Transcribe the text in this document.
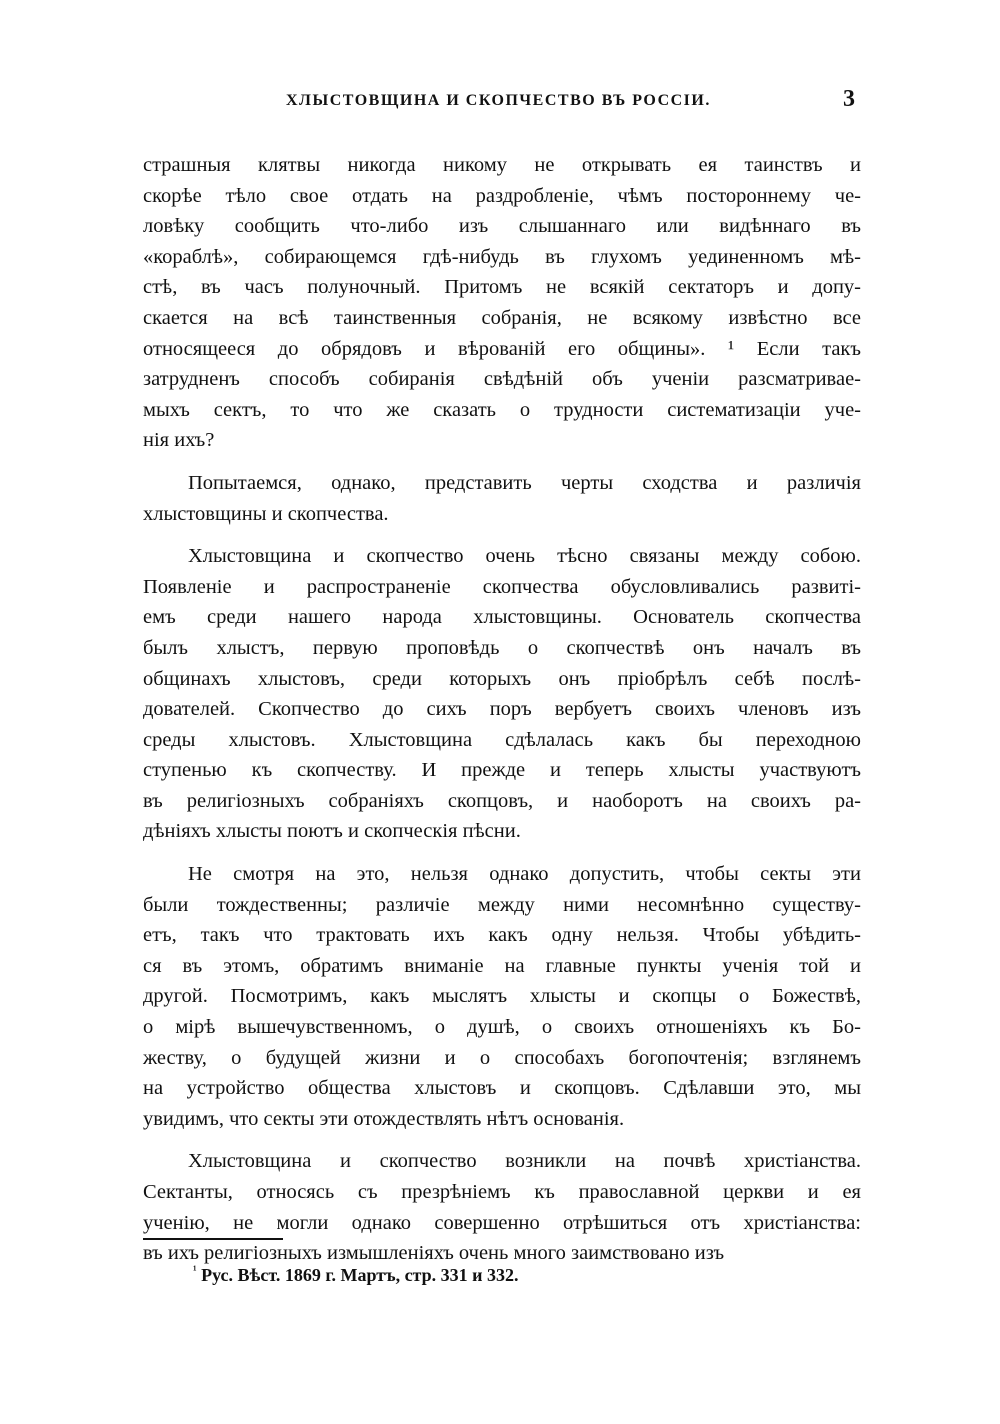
ХЛЫСТОВЩИНА И СКОПЧЕСТВО ВЪ РОССІИ.	3
страшныя клятвы никогда никому не открывать ея таинствъ и
скорѣе тѣло свое отдать на раздробленіе, чѣмъ постороннему че-
ловѣку сообщить что-либо изъ слышаннаго или видѣннаго въ
«кораблѣ», собирающемся гдѣ-нибудь въ глухомъ уединенномъ мѣ-
стѣ, въ часъ полуночный. Притомъ не всякій сектаторъ и допу-
скается на всѣ таинственныя собранія, не всякому извѣстно все
относящееся до обрядовъ и вѣрованій его общины». ¹ Если такъ
затрудненъ способъ собиранія свѣдѣній объ ученіи разсматривае-
мыхъ сектъ, то что же сказать о трудности систематизаціи уче-
нія ихъ?
Попытаемся, однако, представить черты сходства и различія
хлыстовщины и скопчества.
Хлыстовщина и скопчество очень тѣсно связаны между собою.
Появленіе и распространеніе скопчества обусловливались развиті-
емъ среди нашего народа хлыстовщины. Основатель скопчества
былъ хлыстъ, первую проповѣдь о скопчествѣ онъ началъ въ
общинахъ хлыстовъ, среди которыхъ онъ пріобрѣлъ себѣ послѣ-
дователей. Скопчество до сихъ поръ вербуетъ своихъ членовъ изъ
среды хлыстовъ. Хлыстовщина сдѣлалась какъ бы переходною
ступенью къ скопчеству. И прежде и теперь хлысты участвуютъ
въ религіозныхъ собраніяхъ скопцовъ, и наоборотъ на своихъ ра-
дѣніяхъ хлысты поютъ и скопческія пѣсни.
Не смотря на это, нельзя однако допустить, чтобы секты эти
были тождественны; различіе между ними несомнѣнно существу-
етъ, такъ что трактовать ихъ какъ одну нельзя. Чтобы убѣдить-
ся въ этомъ, обратимъ вниманіе на главные пункты ученія той и
другой. Посмотримъ, какъ мыслятъ хлысты и скопцы о Божествѣ,
о мірѣ вышечувственномъ, о душѣ, о своихъ отношеніяхъ къ Бо-
жеству, о будущей жизни и о способахъ богопочтенія; взглянемъ
на устройство общества хлыстовъ и скопцовъ. Сдѣлавши это, мы
увидимъ, что секты эти отождествлять нѣтъ основанія.
Хлыстовщина и скопчество возникли на почвѣ христіанства.
Сектанты, относясь съ презрѣніемъ къ православной церкви и ея
ученію, не могли однако совершенно отрѣшиться отъ христіанства:
въ ихъ религіозныхъ измышленіяхъ очень много заимствовано изъ
$^{^1}$ Рус. Вѣст. 1869 г. Мартъ, стр. 331 и 332.
